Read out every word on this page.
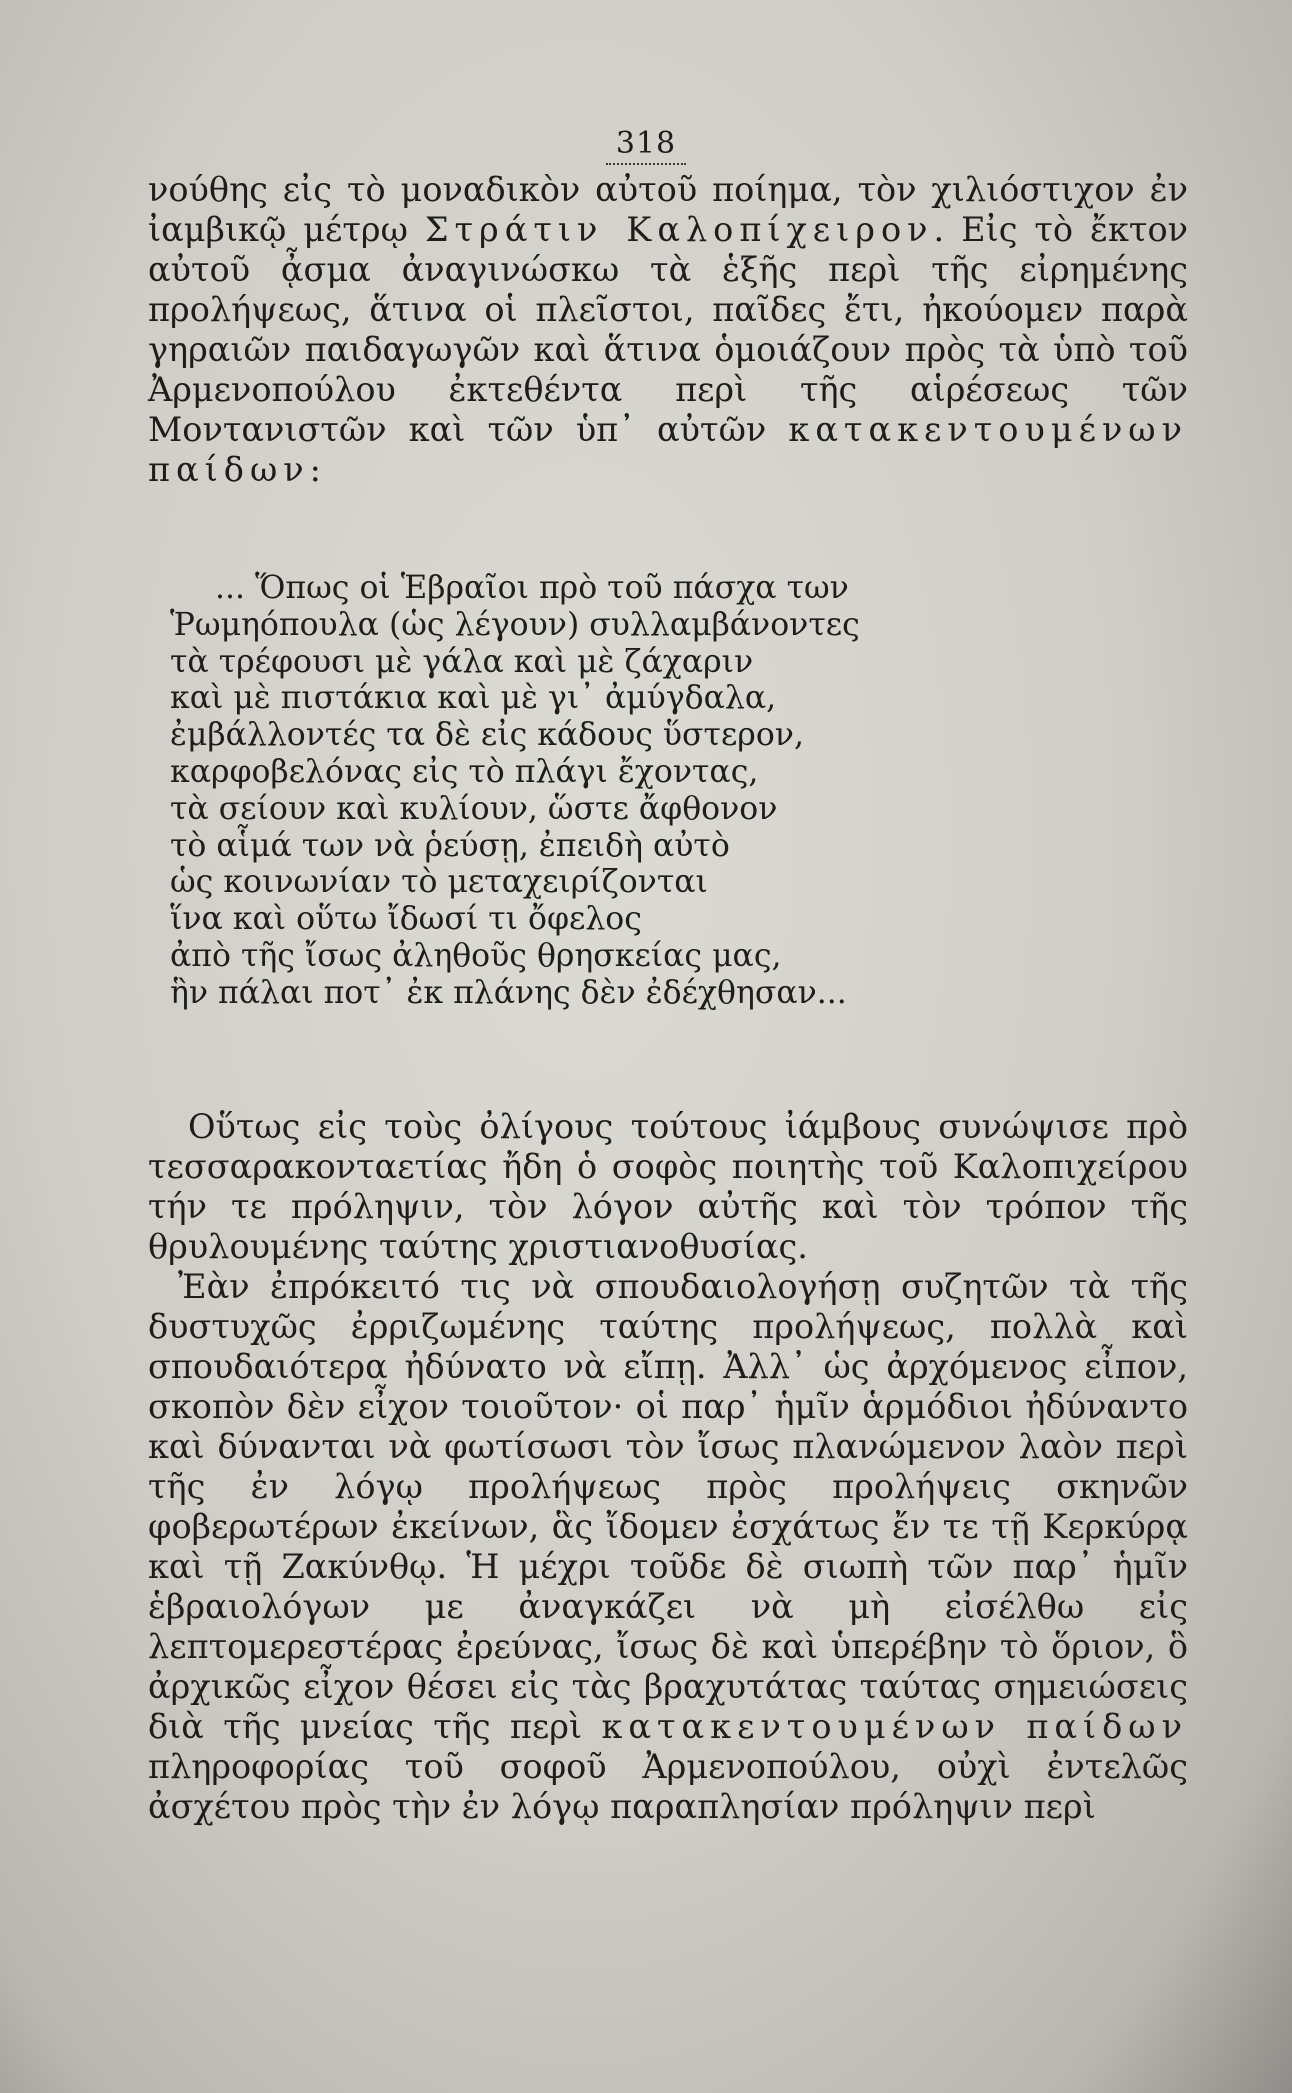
318

νούθης εἰς τὸ μοναδικὸν αὐτοῦ ποίημα, τὸν χιλιόστιχον ἐν ἰαμβικῷ μέτρῳ Στράτιν Καλοπίχειρον. Εἰς τὸ ἔκτον αὐτοῦ ᾆσμα ἀναγινώσκω τὰ ἑξῆς περὶ τῆς εἰρημένης προλήψεως, ἅτινα οἱ πλεῖστοι, παῖδες ἔτι, ἠκούομεν παρὰ γηραιῶν παιδαγωγῶν καὶ ἅτινα ὁμοιάζουν πρὸς τὰ ὑπὸ τοῦ Ἀρμενοπούλου ἐκτεθέντα περὶ τῆς αἱρέσεως τῶν Μοντανιστῶν καὶ τῶν ὑπ᾿ αὐτῶν κατακεντουμένων παίδων:

... Ὅπως οἱ Ἑβραῖοι πρὸ τοῦ πάσχα των
Ῥωμηόπουλα (ὡς λέγουν) συλλαμβάνοντες
τὰ τρέφουσι μὲ γάλα καὶ μὲ ζάχαριν
καὶ μὲ πιστάκια καὶ μὲ γι᾿ ἀμύγδαλα,
ἐμβάλλοντές τα δὲ εἰς κάδους ὕστερον,
καρφοβελόνας εἰς τὸ πλάγι ἔχοντας,
τὰ σείουν καὶ κυλίουν, ὥστε ἄφθονον
τὸ αἷμά των νὰ ῥεύσῃ, ἐπειδὴ αὐτὸ
ὡς κοινωνίαν τὸ μεταχειρίζονται
ἵνα καὶ οὕτω ἴδωσί τι ὄφελος
ἀπὸ τῆς ἴσως ἀληθοῦς θρησκείας μας,
ἣν πάλαι ποτ᾿ ἐκ πλάνης δὲν ἐδέχθησαν...

Οὕτως εἰς τοὺς ὀλίγους τούτους ἰάμβους συνώψισε πρὸ τεσσαρακονταετίας ἤδη ὁ σοφὸς ποιητὴς τοῦ Καλοπιχείρου τήν τε πρόληψιν, τὸν λόγον αὐτῆς καὶ τὸν τρόπον τῆς θρυλουμένης ταύτης χριστιανοθυσίας.

Ἐὰν ἐπρόκειτό τις νὰ σπουδαιολογήσῃ συζητῶν τὰ τῆς δυστυχῶς ἐρριζωμένης ταύτης προλήψεως, πολλὰ καὶ σπουδαιότερα ἠδύνατο νὰ εἴπῃ. Ἀλλ᾿ ὡς ἀρχόμενος εἶπον, σκοπὸν δὲν εἶχον τοιοῦτον· οἱ παρ᾿ ἡμῖν ἁρμόδιοι ἠδύναντο καὶ δύνανται νὰ φωτίσωσι τὸν ἴσως πλανώμενον λαὸν περὶ τῆς ἐν λόγῳ προλήψεως πρὸς προλήψεις σκηνῶν φοβερωτέρων ἐκείνων, ἃς ἴδομεν ἐσχάτως ἔν τε τῇ Κερκύρᾳ καὶ τῇ Ζακύνθῳ. Ἡ μέχρι τοῦδε δὲ σιωπὴ τῶν παρ᾿ ἡμῖν ἑβραιολόγων με ἀναγκάζει νὰ μὴ εἰσέλθω εἰς λεπτομερεστέρας ἐρεύνας, ἴσως δὲ καὶ ὑπερέβην τὸ ὅριον, ὃ ἀρχικῶς εἶχον θέσει εἰς τὰς βραχυτάτας ταύτας σημειώσεις διὰ τῆς μνείας τῆς περὶ κατακεντουμένων παίδων πληροφορίας τοῦ σοφοῦ Ἀρμενοπούλου, οὐχὶ ἐντελῶς ἀσχέτου πρὸς τὴν ἐν λόγῳ παραπλησίαν πρόληψιν περὶ
